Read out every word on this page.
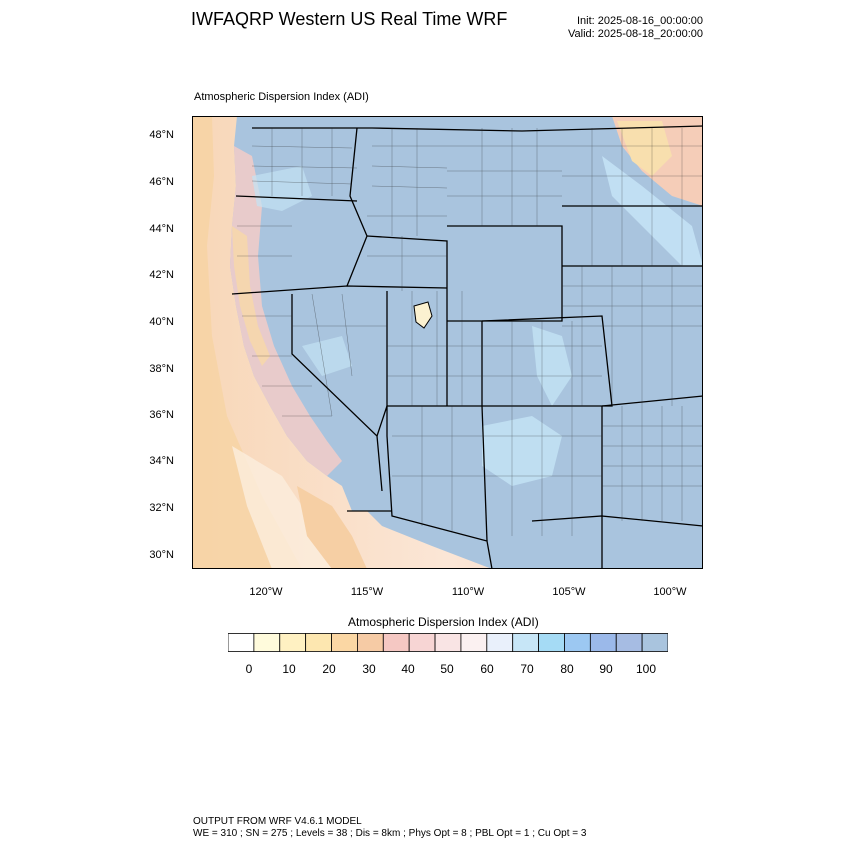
IWFAQRP Western US Real Time WRF	Init: 2025-08-16_00:00:00
Valid: 2025-08-18_20:00:00
Atmospheric Dispersion Index (ADI)
48°N
46°N
44°N
42°N
40°N
38°N
36°N
34°N
32°N
30°N
120°W	115°W	110°W	105°W	100°W
Atmospheric Dispersion Index (ADI)
0	10	20	30	40	50	60	70	80	90	100
OUTPUT FROM WRF V4.6.1 MODEL
WE = 310 ; SN = 275 ; Levels = 38 ; Dis = 8km ; Phys Opt = 8 ; PBL Opt = 1 ; Cu Opt = 3
